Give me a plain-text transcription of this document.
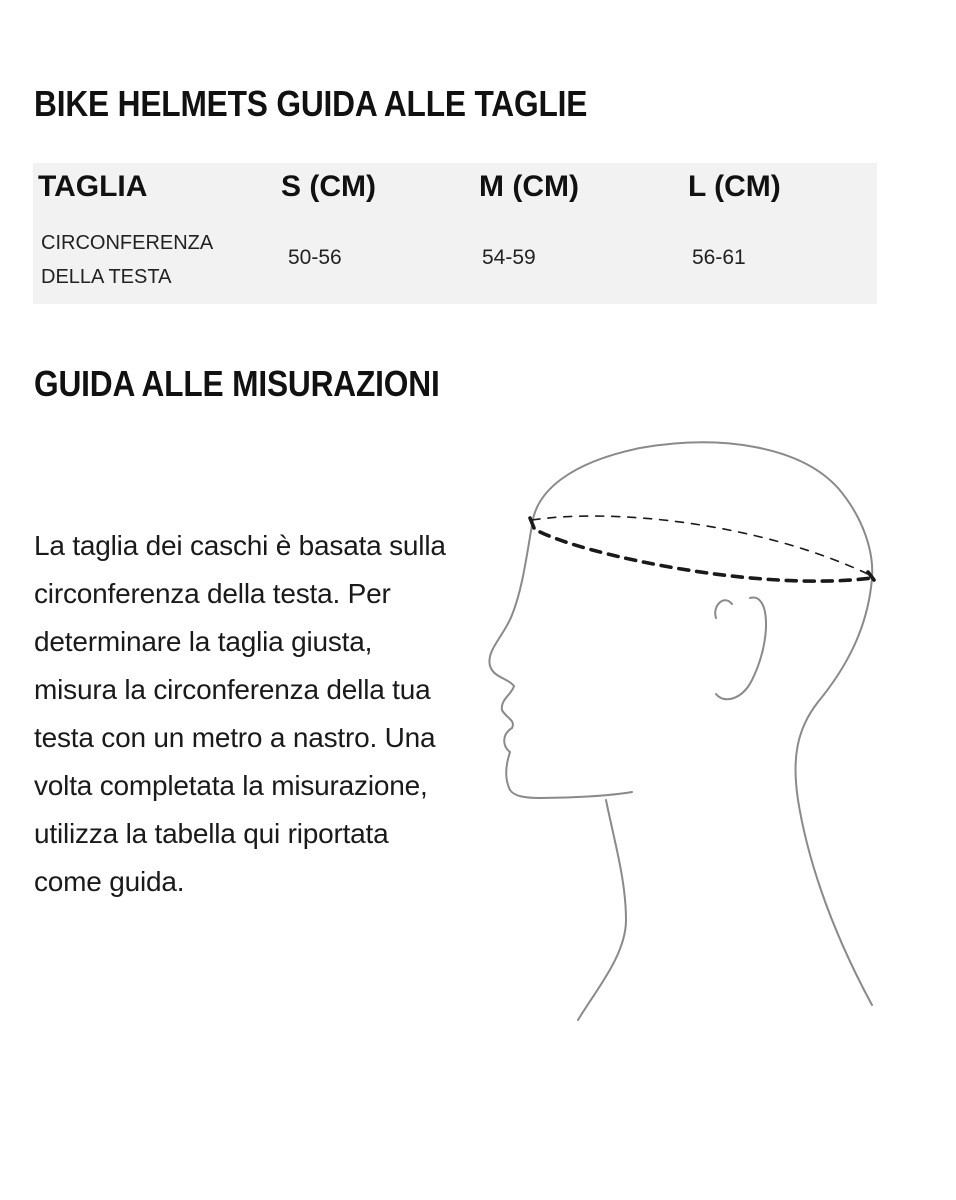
BIKE HELMETS GUIDA ALLE TAGLIE
TAGLIA	S (CM)	M (CM)	L (CM)
CIRCONFERENZA
DELLA TESTA
50-56	54-59	56-61
GUIDA ALLE MISURAZIONI

La taglia dei caschi è basata sulla circonferenza della testa. Per determinare la taglia giusta, misura la circonferenza della tua testa con un metro a nastro. Una volta completata la misurazione, utilizza la tabella qui riportata come guida.
